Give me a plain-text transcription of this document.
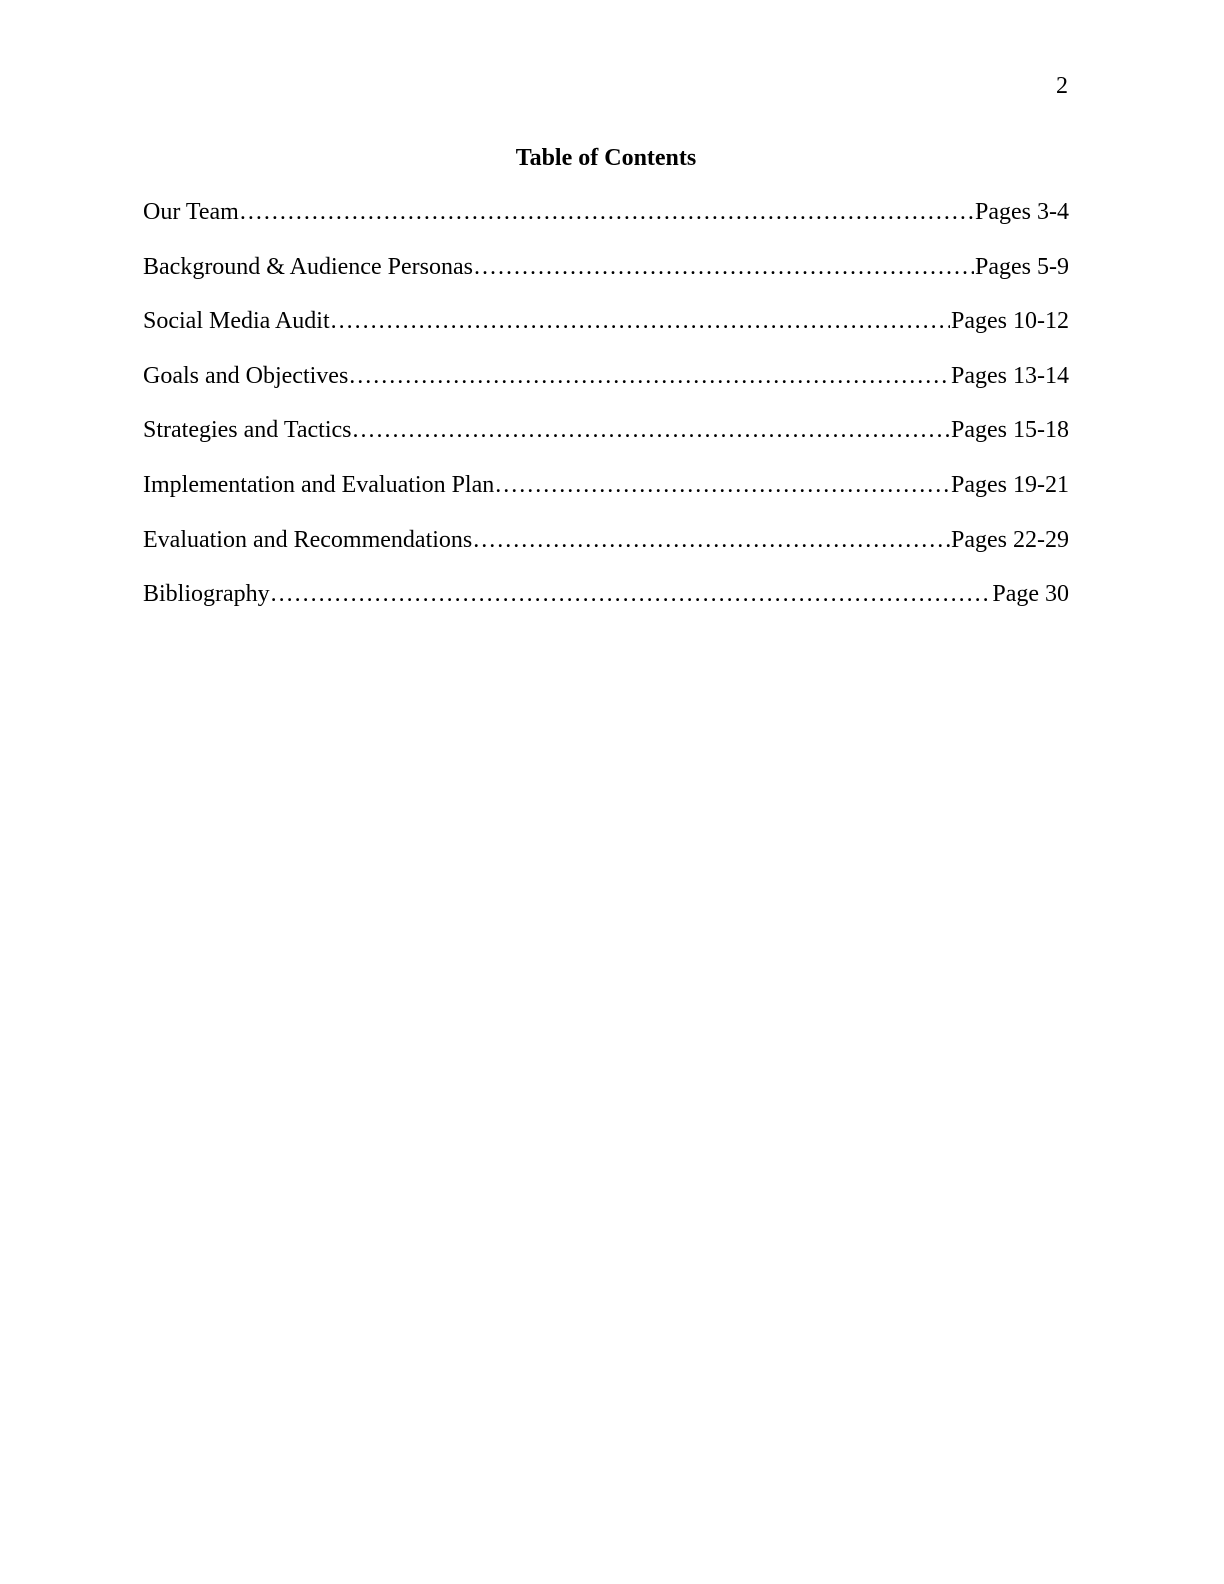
2
Table of Contents
Our Team .....	Pages 3-4
Background & Audience Personas .....	Pages 5-9
Social Media Audit .....	Pages 10-12
Goals and Objectives .....	Pages 13-14
Strategies and Tactics .....	Pages 15-18
Implementation and Evaluation Plan .....	Pages 19-21
Evaluation and Recommendations .....	Pages 22-29
Bibliography .....	Page 30
